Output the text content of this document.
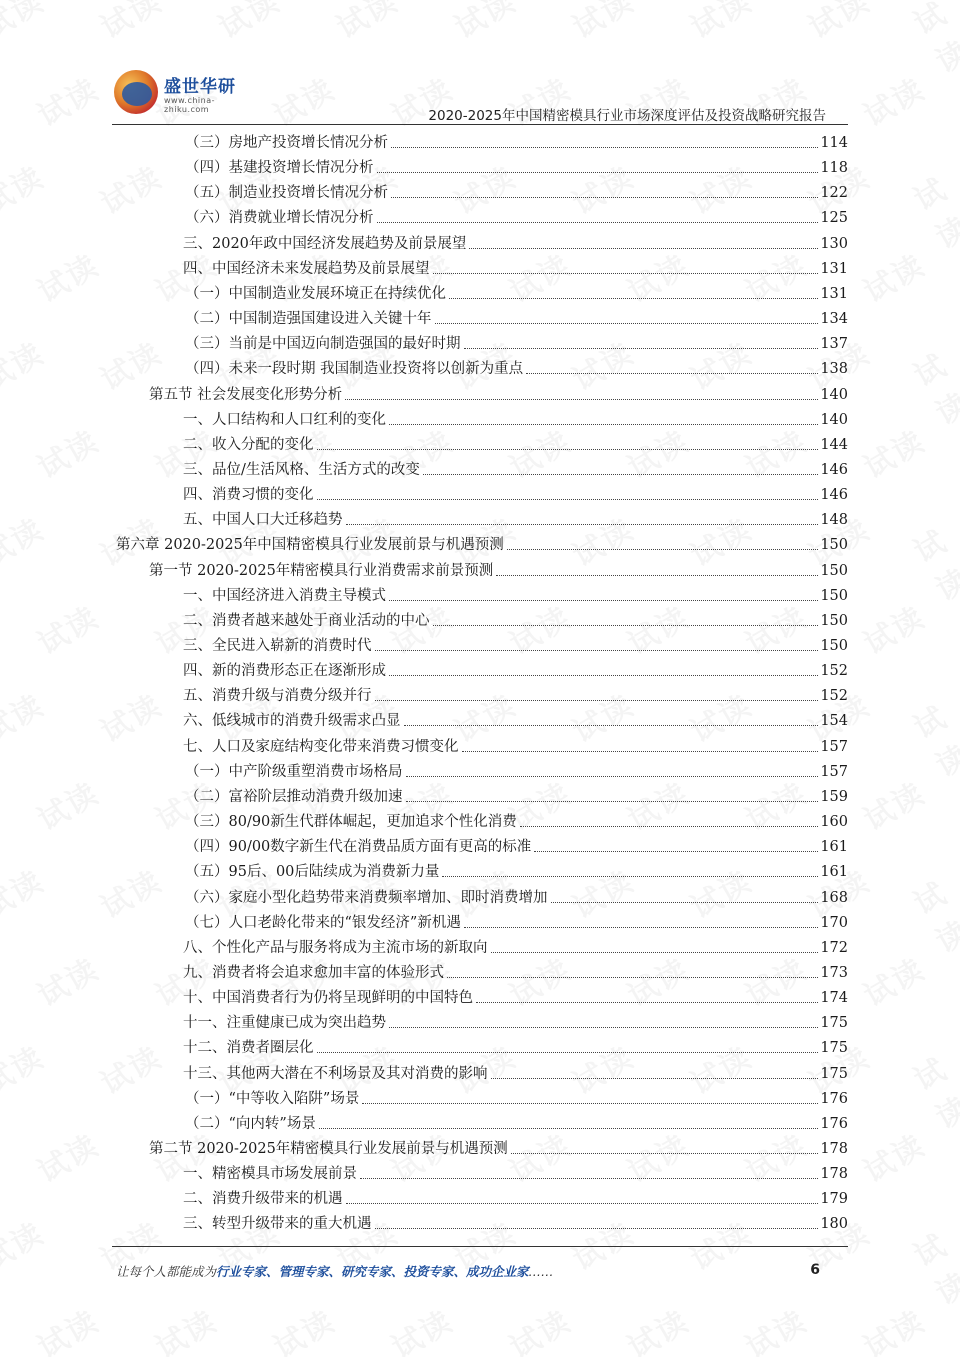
盛世华研
www.china-zhiku.com	2020-2025年中国精密模具行业市场深度评估及投资战略研究报告
（三）房地产投资增长情况分析	114
（四）基建投资增长情况分析	118
（五）制造业投资增长情况分析	122
（六）消费就业增长情况分析	125
三、2020年政中国经济发展趋势及前景展望	130
四、中国经济未来发展趋势及前景展望	131
（一）中国制造业发展环境正在持续优化	131
（二）中国制造强国建设进入关键十年	134
（三）当前是中国迈向制造强国的最好时期	137
（四）未来一段时期 我国制造业投资将以创新为重点	138
第五节 社会发展变化形势分析	140
一、人口结构和人口红利的变化	140
二、收入分配的变化	144
三、品位/生活风格、生活方式的改变	146
四、消费习惯的变化	146
五、中国人口大迁移趋势	148
第六章 2020-2025年中国精密模具行业发展前景与机遇预测	150
第一节 2020-2025年精密模具行业消费需求前景预测	150
一、中国经济进入消费主导模式	150
二、消费者越来越处于商业活动的中心	150
三、全民进入崭新的消费时代	150
四、新的消费形态正在逐渐形成	152
五、消费升级与消费分级并行	152
六、低线城市的消费升级需求凸显	154
七、人口及家庭结构变化带来消费习惯变化	157
（一）中产阶级重塑消费市场格局	157
（二）富裕阶层推动消费升级加速	159
（三）80/90新生代群体崛起，更加追求个性化消费	160
（四）90/00数字新生代在消费品质方面有更高的标准	161
（五）95后、00后陆续成为消费新力量	161
（六）家庭小型化趋势带来消费频率增加、即时消费增加	168
（七）人口老龄化带来的“银发经济”新机遇	170
八、个性化产品与服务将成为主流市场的新取向	172
九、消费者将会追求愈加丰富的体验形式	173
十、中国消费者行为仍将呈现鲜明的中国特色	174
十一、注重健康已成为突出趋势	175
十二、消费者圈层化	175
十三、其他两大潜在不利场景及其对消费的影响	175
（一）“中等收入陷阱”场景	176
（二）“向内转”场景	176
第二节 2020-2025年精密模具行业发展前景与机遇预测	178
一、精密模具市场发展前景	178
二、消费升级带来的机遇	179
三、转型升级带来的重大机遇	180
让每个人都能成为行业专家、管理专家、研究专家、投资专家、成功企业家……	6
